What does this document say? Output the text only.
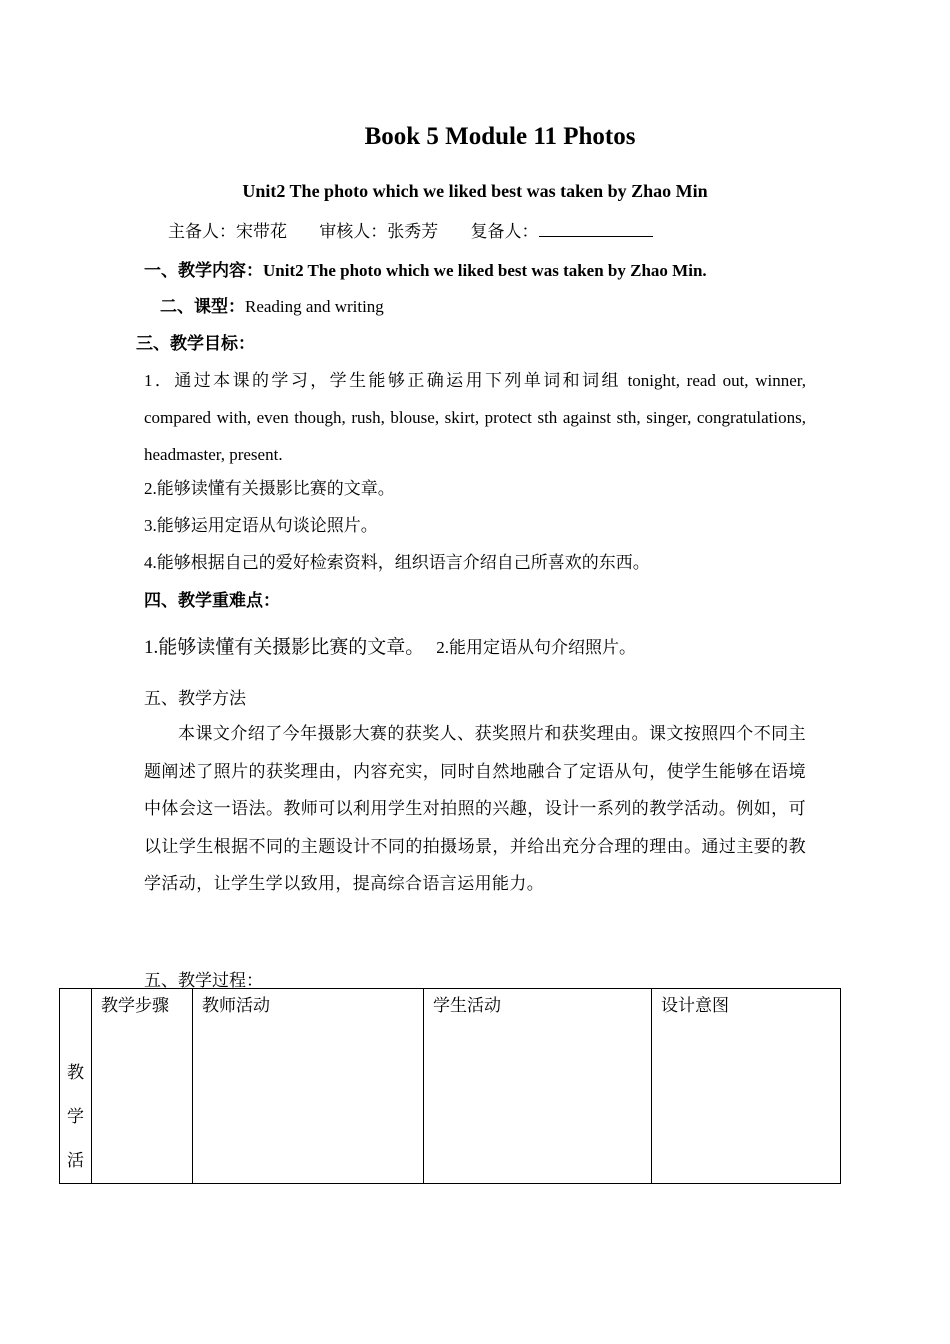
Book 5 Module 11 Photos
Unit2 The photo which we liked best was taken by Zhao Min
主备人：宋带花 审核人：张秀芳 复备人：
一、教学内容：Unit2 The photo which we liked best was taken by Zhao Min.
二、课型：Reading and writing
三、教学目标：
1．通过本课的学习，学生能够正确运用下列单词和词组 tonight, read out, winner, compared with, even though, rush, blouse, skirt, protect sth against sth, singer, congratulations, headmaster, present.
2.能够读懂有关摄影比赛的文章。
3.能够运用定语从句谈论照片。
4.能够根据自己的爱好检索资料，组织语言介绍自己所喜欢的东西。
四、教学重难点：
1.能够读懂有关摄影比赛的文章。 2.能用定语从句介绍照片。
五、教学方法
本课文介绍了今年摄影大赛的获奖人、获奖照片和获奖理由。课文按照四个不同主题阐述了照片的获奖理由，内容充实，同时自然地融合了定语从句，使学生能够在语境中体会这一语法。教师可以利用学生对拍照的兴趣，设计一系列的教学活动。例如，可以让学生根据不同的主题设计不同的拍摄场景，并给出充分合理的理由。通过主要的教学活动，让学生学以致用，提高综合语言运用能力。
五、教学过程：
教
学
活

教学步骤	教师活动	学生活动	设计意图
